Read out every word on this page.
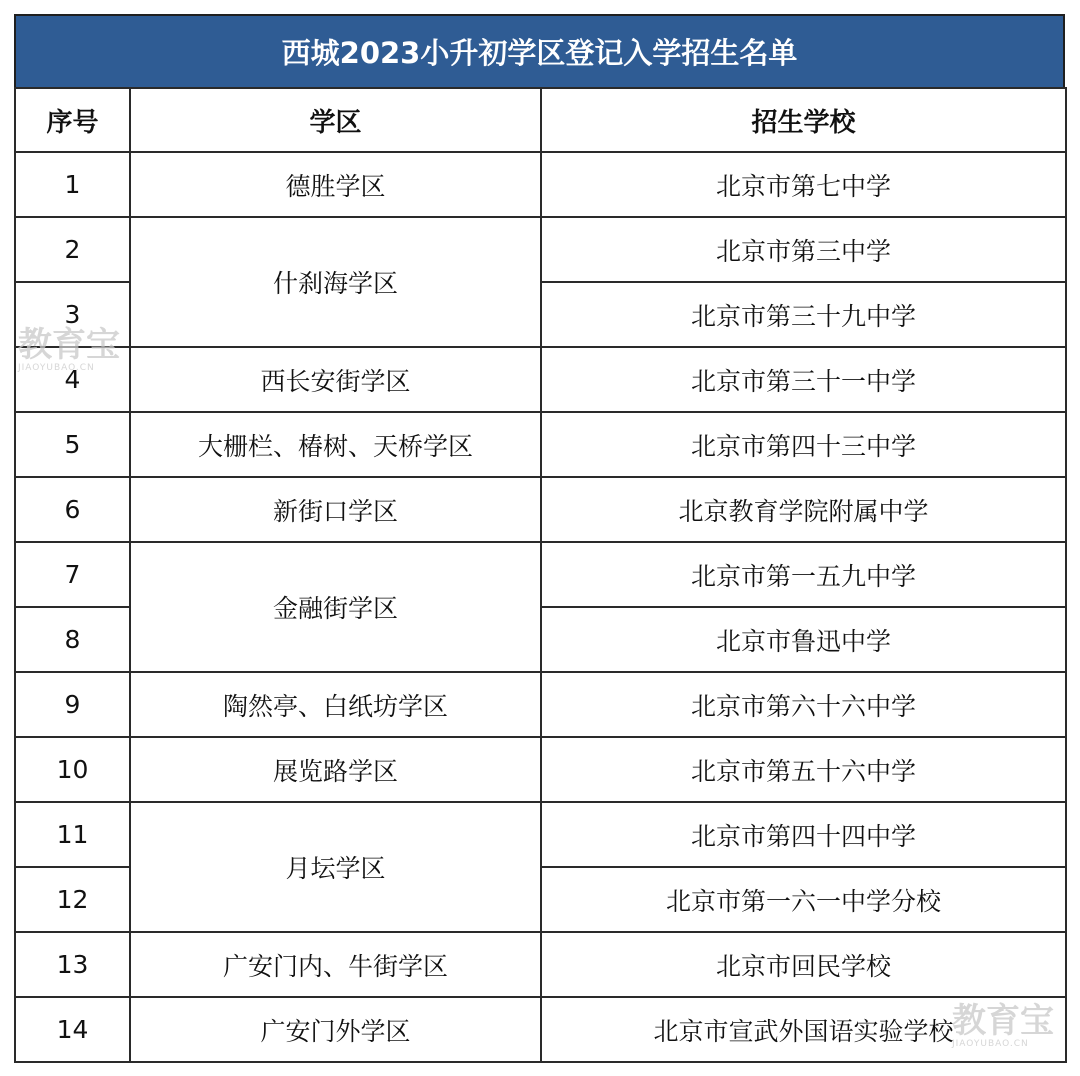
西城2023小升初学区登记入学招生名单
序号	学区	招生学校
1	德胜学区	北京市第七中学
2	什刹海学区	北京市第三中学
3		北京市第三十九中学
4	西长安街学区	北京市第三十一中学
5	大栅栏、椿树、天桥学区	北京市第四十三中学
6	新街口学区	北京教育学院附属中学
7	金融街学区	北京市第一五九中学
8		北京市鲁迅中学
9	陶然亭、白纸坊学区	北京市第六十六中学
10	展览路学区	北京市第五十六中学
11	月坛学区	北京市第四十四中学
12		北京市第一六一中学分校
13	广安门内、牛街学区	北京市回民学校
14	广安门外学区	北京市宣武外国语实验学校
教育宝
JIAOYUBAO.CN
教育宝
JIAOYUBAO.CN
